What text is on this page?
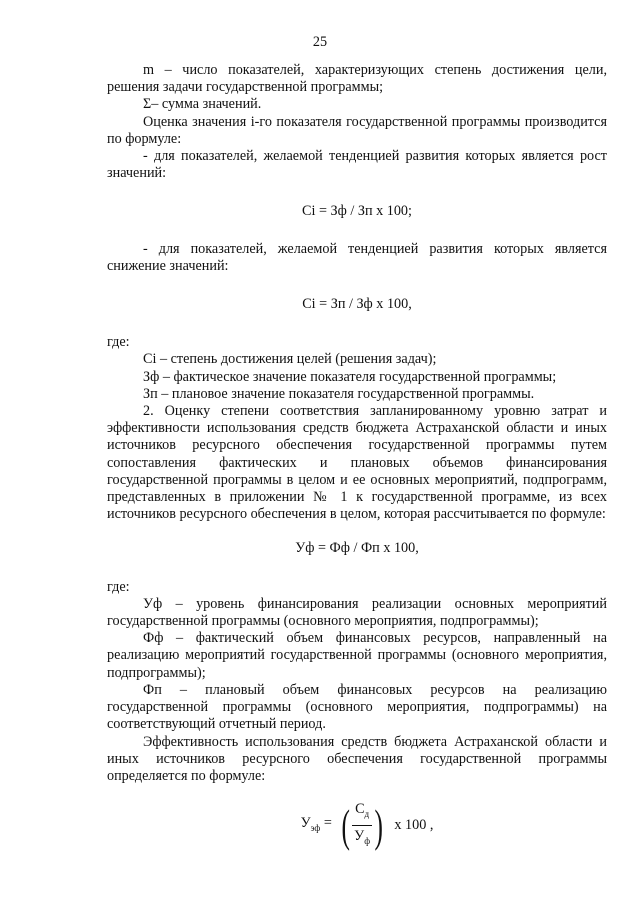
25

m – число показателей, характеризующих степень достижения цели, решения задачи государственной программы;

Σ– сумма значений.

Оценка значения i-го показателя государственной программы производится по формуле:

- для показателей, желаемой тенденцией развития которых является рост значений:

Сi = Зф / Зп х 100;

- для показателей, желаемой тенденцией развития которых является снижение значений:

Сi = Зп / Зф х 100,

где:

Сi – степень достижения целей (решения задач);

Зф – фактическое значение показателя государственной программы;

Зп – плановое значение показателя государственной программы.

2. Оценку степени соответствия запланированному уровню затрат и эффективности использования средств бюджета Астраханской области и иных источников ресурсного обеспечения государственной программы путем сопоставления фактических и плановых объемов финансирования государственной программы в целом и ее основных мероприятий, подпрограмм, представленных в приложении № 1 к государственной программе, из всех источников ресурсного обеспечения в целом, которая рассчитывается по формуле:

Уф = Фф / Фп х 100,

где:

Уф – уровень финансирования реализации основных мероприятий государственной программы (основного мероприятия, подпрограммы);

Фф – фактический объем финансовых ресурсов, направленный на реализацию мероприятий государственной программы (основного мероприятия, подпрограммы);

Фп – плановый объем финансовых ресурсов на реализацию государственной программы (основного мероприятия, подпрограммы) на соответствующий отчетный период.

Эффективность использования средств бюджета Астраханской области и иных источников ресурсного обеспечения государственной программы определяется по формуле:

$У_{эф}$ = ( $\frac{С_д}{У_ф}$ ) х 100 ,
